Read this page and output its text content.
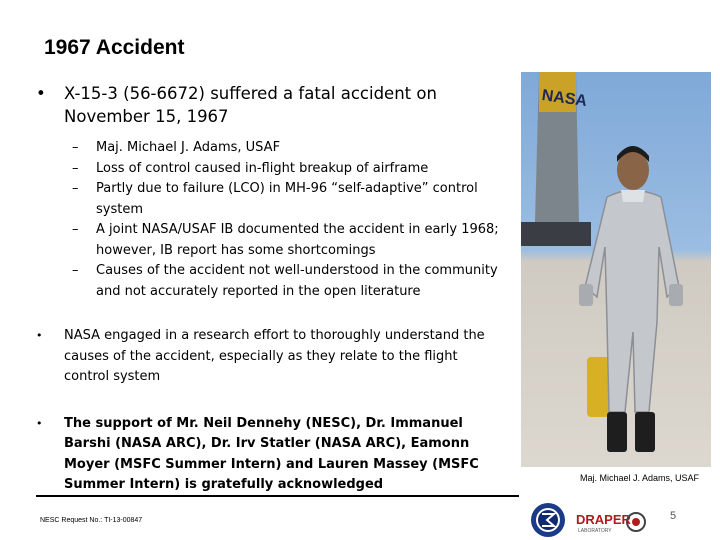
1967 Accident
• X-15-3 (56-6672) suffered a fatal accident on November 15, 1967
– Maj. Michael J. Adams, USAF
– Loss of control caused in-flight breakup of airframe
– Partly due to failure (LCO) in MH-96 “self-adaptive” control system
– A joint NASA/USAF IB documented the accident in early 1968; however, IB report has some shortcomings
– Causes of the accident not well-understood in the community and not accurately reported in the open literature
• NASA engaged in a research effort to thoroughly understand the causes of the accident, especially as they relate to the flight control system
• The support of Mr. Neil Dennehy (NESC), Dr. Immanuel Barshi (NASA ARC), Dr. Irv Statler (NASA ARC), Eamonn Moyer (MSFC Summer Intern) and Lauren Massey (MSFC Summer Intern) is gratefully acknowledged
NASA
Maj. Michael J. Adams, USAF
NESC Request No.: TI-13-00847	DRAPER
LABORATORY
5
